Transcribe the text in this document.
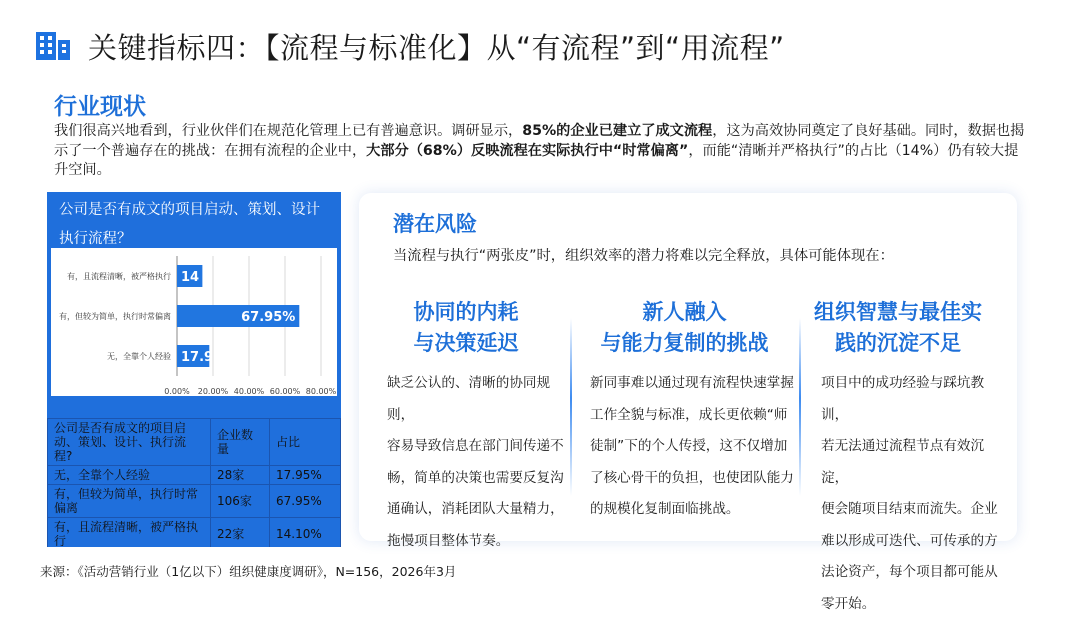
关键指标四：【流程与标准化】从“有流程”到“用流程”
行业现状
我们很高兴地看到，行业伙伴们在规范化管理上已有普遍意识。调研显示，85%的企业已建立了成文流程，这为高效协同奠定了良好基础。同时，数据也揭示了一个普遍存在的挑战：在拥有流程的企业中，大部分（68%）反映流程在实际执行中“时常偏离”，而能“清晰并严格执行”的占比（14%）仍有较大提升空间。
公司是否有成文的项目启动、策划、设计
执行流程？
0.00% 20.00% 40.00% 60.00% 80.00%
有，且流程清晰，被严格执行 14
有，但较为简单，执行时常偏离	67.95%
无，全靠个人经验 17.95%
公司是否有成文的项目启动、策划、设计、执行流程?	企业数量	占比
无，全靠个人经验	28家	17.95%
有，但较为简单，执行时常偏离	106家	67.95%
有，且流程清晰，被严格执行	22家	14.10%
潜在风险
当流程与执行“两张皮”时，组织效率的潜力将难以完全释放，具体可能体现在：
协同的内耗
与决策延迟
新人融入
与能力复制的挑战
组织智慧与最佳实
践的沉淀不足
缺乏公认的、清晰的协同规则，
容易导致信息在部门间传递不
畅，简单的决策也需要反复沟
通确认，消耗团队大量精力，
拖慢项目整体节奏。
新同事难以通过现有流程快速掌握
工作全貌与标准，成长更依赖“师
徒制”下的个人传授，这不仅增加
了核心骨干的负担，也使团队能力
的规模化复制面临挑战。
项目中的成功经验与踩坑教训，
若无法通过流程节点有效沉淀，
便会随项目结束而流失。企业
难以形成可迭代、可传承的方
法论资产，每个项目都可能从
零开始。
来源：《活动营销行业（1亿以下）组织健康度调研》，N=156，2026年3月
